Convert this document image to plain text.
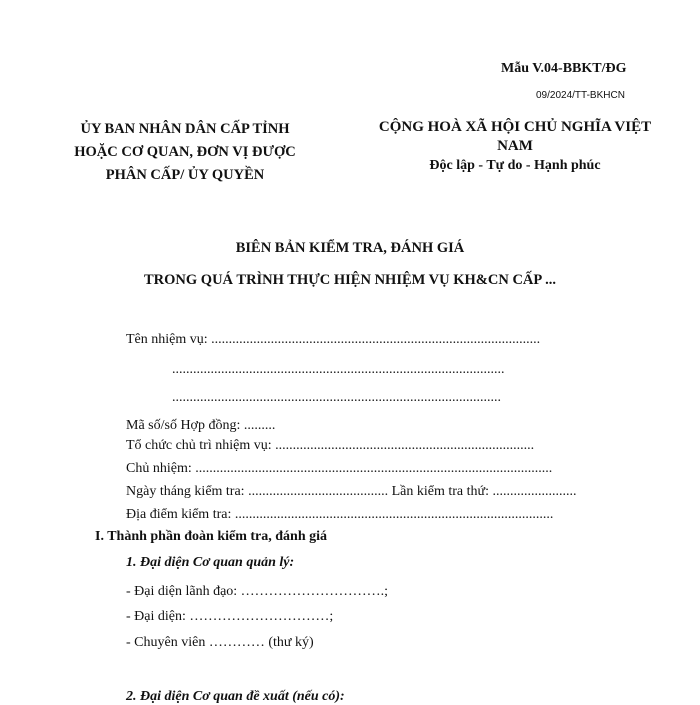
Mẫu V.04-BBKT/ĐG
09/2024/TT-BKHCN
ỦY BAN NHÂN DÂN CẤP TỈNH
HOẶC CƠ QUAN, ĐƠN VỊ ĐƯỢC
PHÂN CẤP/ ỦY QUYỀN
CỘNG HOÀ XÃ HỘI CHỦ NGHĨA VIỆT
NAM
Độc lập - Tự do - Hạnh phúc
BIÊN BẢN KIỂM TRA, ĐÁNH GIÁ
TRONG QUÁ TRÌNH THỰC HIỆN NHIỆM VỤ KH&CN CẤP ...
Tên nhiệm vụ: ..............................................................................................
...............................................................................................
..............................................................................................
Mã số/số Hợp đồng: .........
Tổ chức chủ trì nhiệm vụ: ..........................................................................
Chủ nhiệm: ......................................................................................................
Ngày tháng kiểm tra: ........................................ Lần kiểm tra thứ: ........................
Địa điểm kiểm tra: ...........................................................................................
I. Thành phần đoàn kiểm tra, đánh giá
1. Đại diện Cơ quan quản lý:
- Đại diện lãnh đạo: ………………………….;
- Đại diện: …………………………;
- Chuyên viên ………… (thư ký)
2. Đại diện Cơ quan đề xuất (nếu có):
